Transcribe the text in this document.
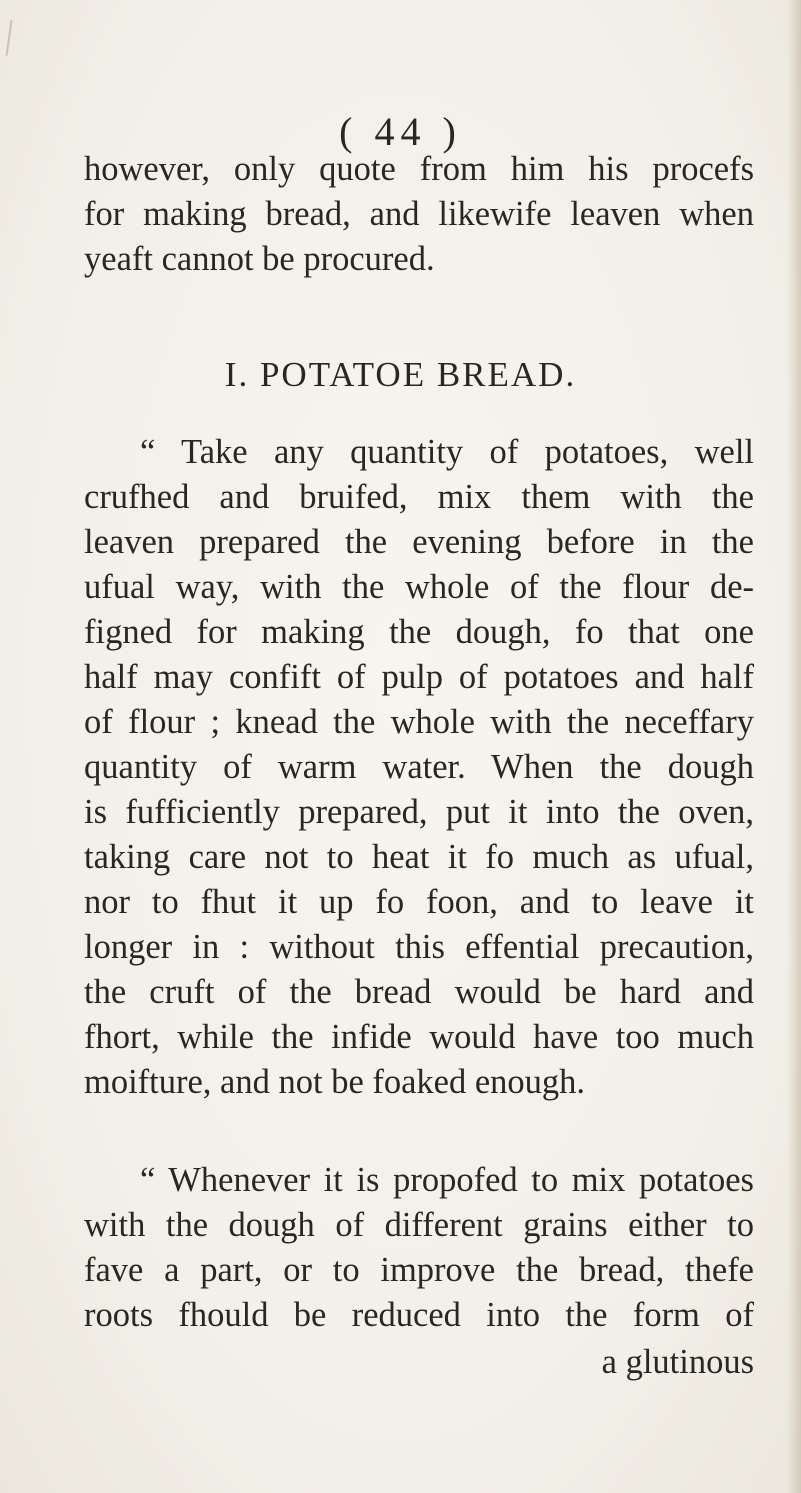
( 44 )
however, only quote from him his procefs
for making bread, and likewife leaven when
yeaft cannot be procured.
I. POTATOE BREAD.
“ Take any quantity of potatoes, well
crufhed and bruifed, mix them with the
leaven prepared the evening before in the
ufual way, with the whole of the flour de-
figned for making the dough, fo that one
half may confift of pulp of potatoes and half
of flour ; knead the whole with the neceffary
quantity of warm water. When the dough
is fufficiently prepared, put it into the oven,
taking care not to heat it fo much as ufual,
nor to fhut it up fo foon, and to leave it
longer in : without this effential precaution,
the cruft of the bread would be hard and
fhort, while the infide would have too much
moifture, and not be foaked enough.
“ Whenever it is propofed to mix potatoes
with the dough of different grains either to
fave a part, or to improve the bread, thefe
roots fhould be reduced into the form of
a glutinous
